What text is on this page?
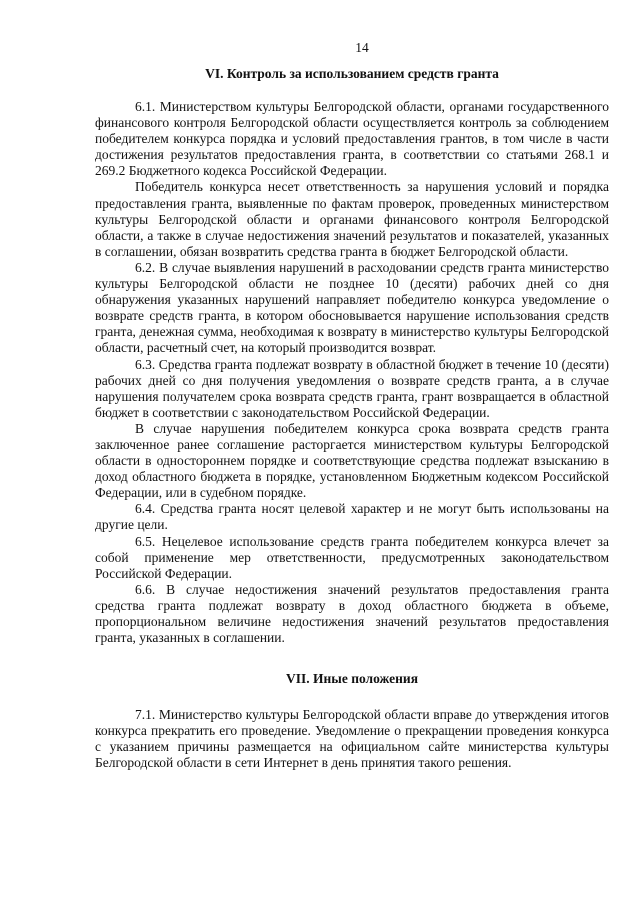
14
VI. Контроль за использованием средств гранта

6.1. Министерством культуры Белгородской области, органами государственного финансового контроля Белгородской области осуществляется контроль за соблюдением победителем конкурса порядка и условий предоставления грантов, в том числе в части достижения результатов предоставления гранта, в соответствии со статьями 268.1 и 269.2 Бюджетного кодекса Российской Федерации.

Победитель конкурса несет ответственность за нарушения условий и порядка предоставления гранта, выявленные по фактам проверок, проведенных министерством культуры Белгородской области и органами финансового контроля Белгородской области, а также в случае недостижения значений результатов и показателей, указанных в соглашении, обязан возвратить средства гранта в бюджет Белгородской области.

6.2. В случае выявления нарушений в расходовании средств гранта министерство культуры Белгородской области не позднее 10 (десяти) рабочих дней со дня обнаружения указанных нарушений направляет победителю конкурса уведомление о возврате средств гранта, в котором обосновывается нарушение использования средств гранта, денежная сумма, необходимая к возврату в министерство культуры Белгородской области, расчетный счет, на который производится возврат.

6.3. Средства гранта подлежат возврату в областной бюджет в течение 10 (десяти) рабочих дней со дня получения уведомления о возврате средств гранта, а в случае нарушения получателем срока возврата средств гранта, грант возвращается в областной бюджет в соответствии с законодательством Российской Федерации.

В случае нарушения победителем конкурса срока возврата средств гранта заключенное ранее соглашение расторгается министерством культуры Белгородской области в одностороннем порядке и соответствующие средства подлежат взысканию в доход областного бюджета в порядке, установленном Бюджетным кодексом Российской Федерации, или в судебном порядке.

6.4. Средства гранта носят целевой характер и не могут быть использованы на другие цели.

6.5. Нецелевое использование средств гранта победителем конкурса влечет за собой применение мер ответственности, предусмотренных законодательством Российской Федерации.

6.6. В случае недостижения значений результатов предоставления гранта средства гранта подлежат возврату в доход областного бюджета в объеме, пропорциональном величине недостижения значений результатов предоставления гранта, указанных в соглашении.

VII. Иные положения

7.1. Министерство культуры Белгородской области вправе до утверждения итогов конкурса прекратить его проведение. Уведомление о прекращении проведения конкурса с указанием причины размещается на официальном сайте министерства культуры Белгородской области в сети Интернет в день принятия такого решения.
